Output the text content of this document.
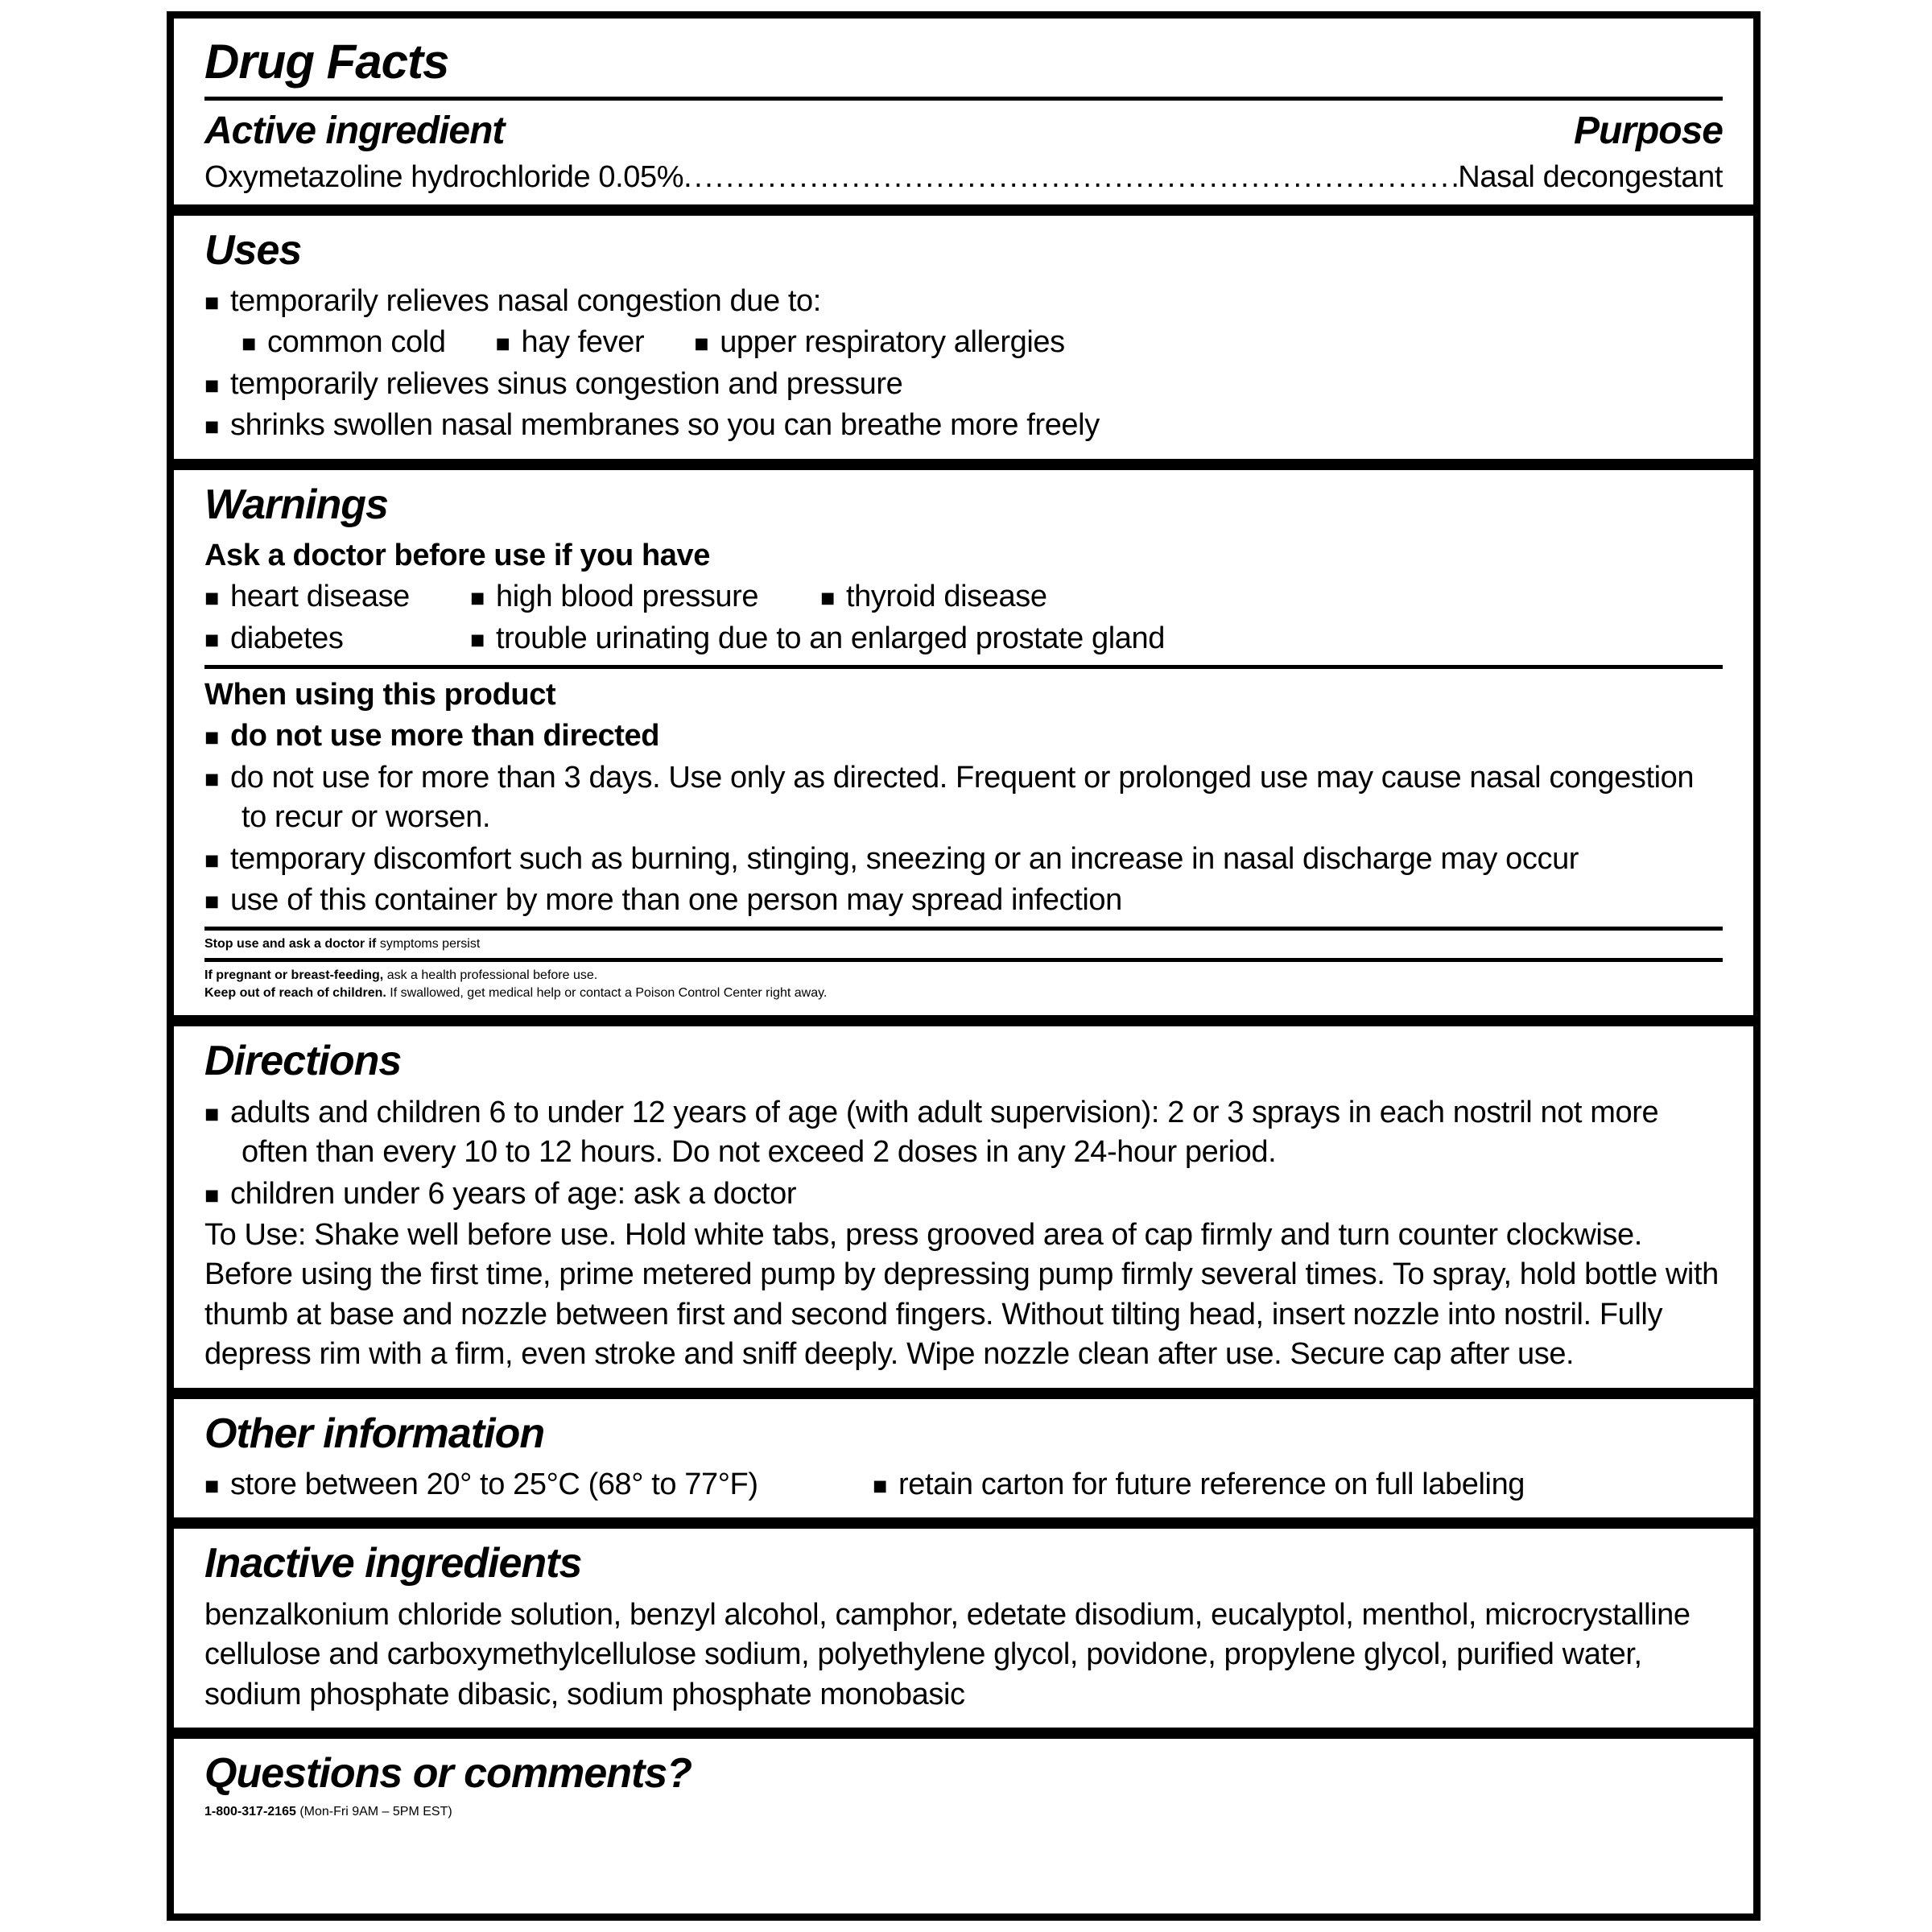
Drug Facts
Active ingredient	Purpose
Oxymetazoline hydrochloride 0.05% .....	Nasal decongestant
Uses
■ temporarily relieves nasal congestion due to:
■ common cold	■ hay fever	■ upper respiratory allergies
■ temporarily relieves sinus congestion and pressure
■ shrinks swollen nasal membranes so you can breathe more freely
Warnings
Ask a doctor before use if you have
■ heart disease	■ high blood pressure	■ thyroid disease
■ diabetes	■ trouble urinating due to an enlarged prostate gland
When using this product
■ do not use more than directed
■ do not use for more than 3 days. Use only as directed. Frequent or prolonged use may cause nasal congestion to recur or worsen.
■ temporary discomfort such as burning, stinging, sneezing or an increase in nasal discharge may occur
■ use of this container by more than one person may spread infection
Stop use and ask a doctor if symptoms persist
If pregnant or breast-feeding, ask a health professional before use.
Keep out of reach of children. If swallowed, get medical help or contact a Poison Control Center right away.
Directions
■ adults and children 6 to under 12 years of age (with adult supervision): 2 or 3 sprays in each nostril not more often than every 10 to 12 hours. Do not exceed 2 doses in any 24-hour period.
■ children under 6 years of age: ask a doctor

To Use: Shake well before use. Hold white tabs, press grooved area of cap firmly and turn counter clockwise. Before using the first time, prime metered pump by depressing pump firmly several times. To spray, hold bottle with thumb at base and nozzle between first and second fingers. Without tilting head, insert nozzle into nostril. Fully depress rim with a firm, even stroke and sniff deeply. Wipe nozzle clean after use. Secure cap after use.

Other information
■ store between 20° to 25°C (68° to 77°F)	■ retain carton for future reference on full labeling
Inactive ingredients

benzalkonium chloride solution, benzyl alcohol, camphor, edetate disodium, eucalyptol, menthol, microcrystalline cellulose and carboxymethylcellulose sodium, polyethylene glycol, povidone, propylene glycol, purified water, sodium phosphate dibasic, sodium phosphate monobasic

Questions or comments?
1-800-317-2165 (Mon-Fri 9AM – 5PM EST)
